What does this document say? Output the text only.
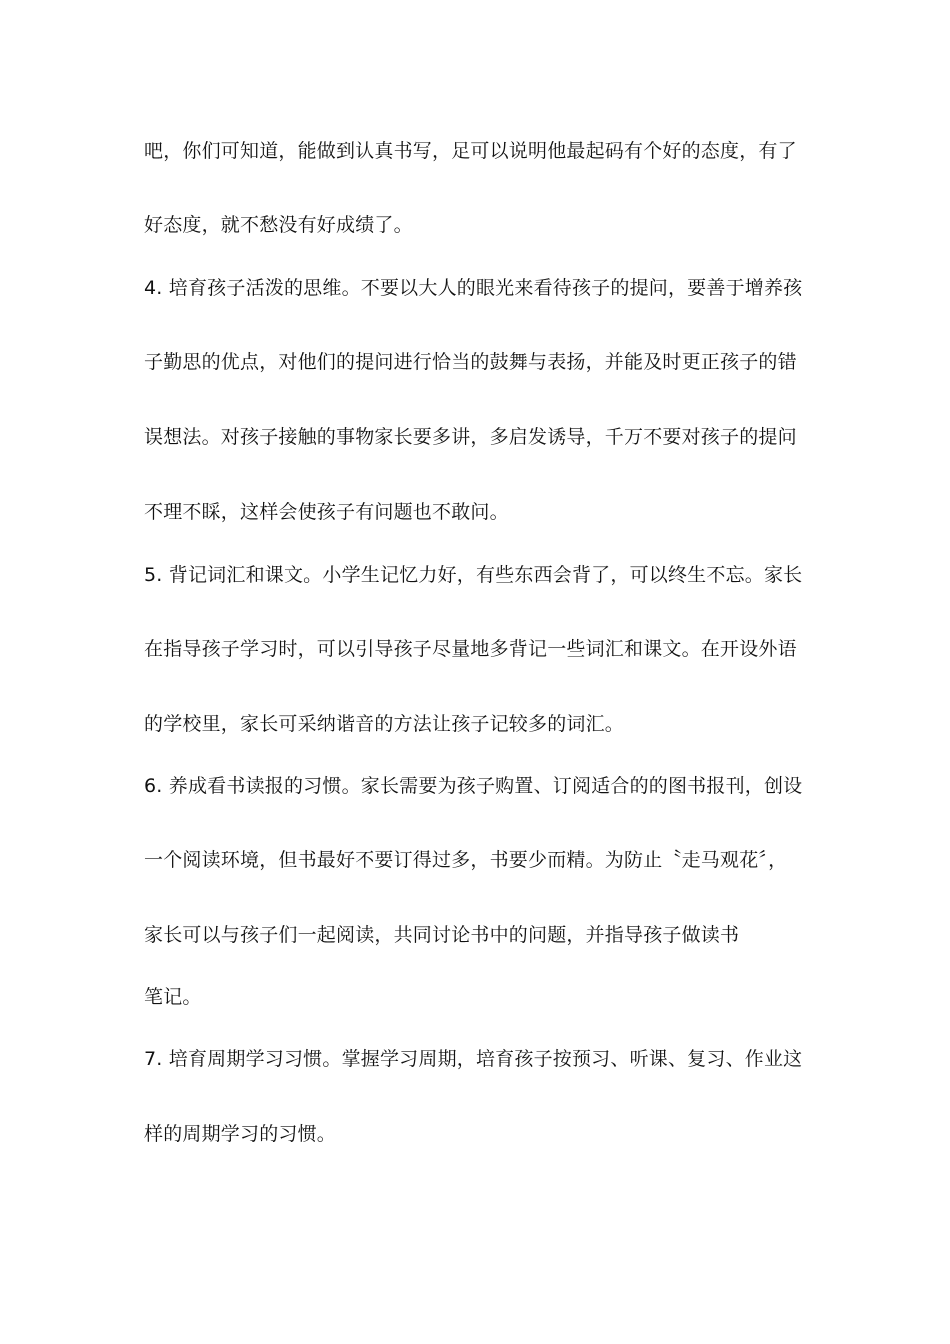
吧，你们可知道，能做到认真书写，足可以说明他最起码有个好的态度，有了
好态度，就不愁没有好成绩了。
4. 培育孩子活泼的思维。不要以大人的眼光来看待孩子的提问，要善于增养孩
子勤思的优点，对他们的提问进行恰当的鼓舞与表扬，并能及时更正孩子的错
误想法。对孩子接触的事物家长要多讲，多启发诱导，千万不要对孩子的提问
不理不睬，这样会使孩子有问题也不敢问。
5. 背记词汇和课文。小学生记忆力好，有些东西会背了，可以终生不忘。家长
在指导孩子学习时，可以引导孩子尽量地多背记一些词汇和课文。在开设外语
的学校里，家长可采纳谐音的方法让孩子记较多的词汇。
6. 养成看书读报的习惯。家长需要为孩子购置、订阅适合的的图书报刊，创设
一个阅读环境，但书最好不要订得过多，书要少而精。为防止〝走马观花〞，
家长可以与孩子们一起阅读，共同讨论书中的问题，并指导孩子做读书
笔记。
7. 培育周期学习习惯。掌握学习周期，培育孩子按预习、听课、复习、作业这
样的周期学习的习惯。
